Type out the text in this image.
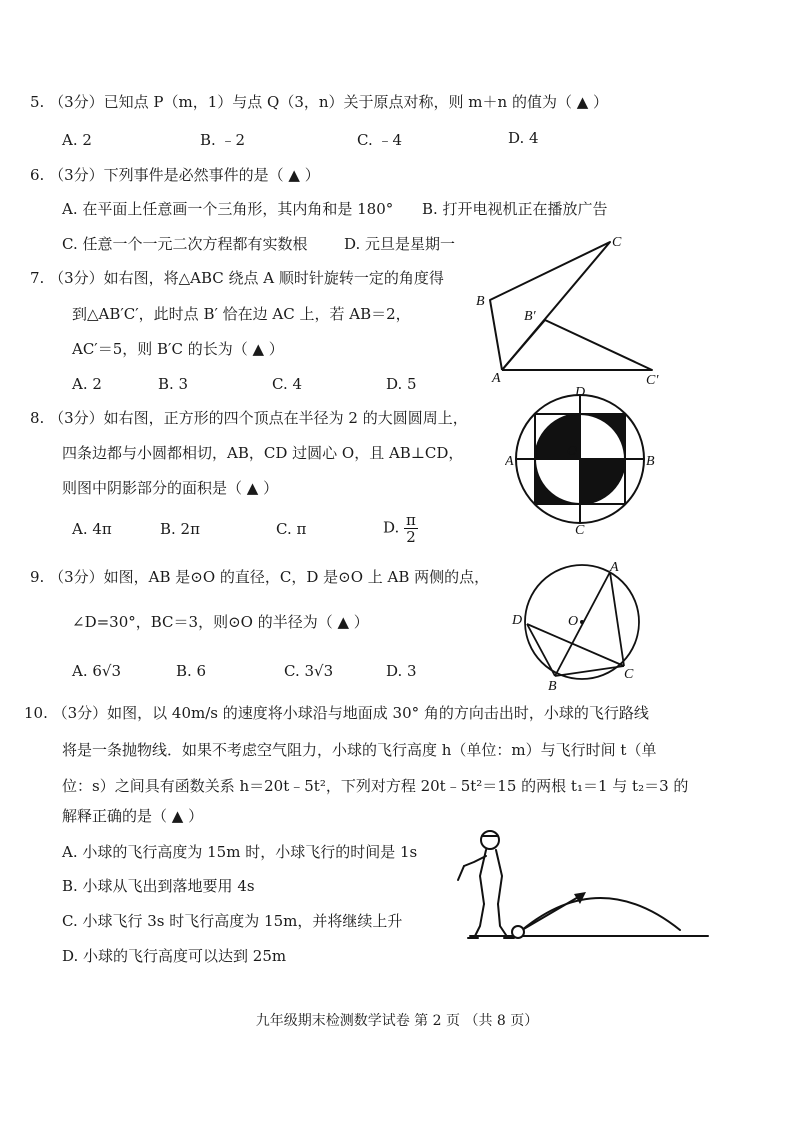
5. （3分）已知点 P（m，1）与点 Q（3，n）关于原点对称，则 m＋n 的值为（ ▲ ）
A. 2	B. ﹣2	C. ﹣4	D. 4
6. （3分）下列事件是必然事件的是（ ▲ ）
A. 在平面上任意画一个三角形，其内角和是 180° B. 打开电视机正在播放广告
C. 任意一个一元二次方程都有实数根 D. 元旦是星期一
7. （3分）如右图，将△ABC 绕点 A 顺时针旋转一定的角度得
到△AB′C′，此时点 B′ 恰在边 AC 上，若 AB＝2，
AC′＝5，则 B′C 的长为（ ▲ ）
A. 2	B. 3	C. 4	D. 5	A
B
C
B′
C′
8. （3分）如右图，正方形的四个顶点在半径为 2 的大圆圆周上，
四条边都与小圆都相切，AB，CD 过圆心 O，且 AB⊥CD，
则图中阴影部分的面积是（ ▲ ）
A. 4π	B. 2π	C. π	D. $\frac{\pi}{2}$
D
A	B
C
O
9. （3分）如图，AB 是⊙O 的直径，C，D 是⊙O 上 AB 两侧的点，
∠D=30°，BC＝3，则⊙O 的半径为（ ▲ ）
A. 6√3	B. 6	C. 3√3	D. 3
A
B
C
D	O
10. （3分）如图，以 40m/s 的速度将小球沿与地面成 30° 角的方向击出时，小球的飞行路线
将是一条抛物线．如果不考虑空气阻力，小球的飞行高度 h（单位：m）与飞行时间 t（单
位：s）之间具有函数关系 h＝20t﹣5t²，下列对方程 20t﹣5t²＝15 的两根 t₁＝1 与 t₂＝3 的
解释正确的是（ ▲ ）
A. 小球的飞行高度为 15m 时，小球飞行的时间是 1s
B. 小球从飞出到落地要用 4s
C. 小球飞行 3s 时飞行高度为 15m，并将继续上升
D. 小球的飞行高度可以达到 25m
九年级期末检测数学试卷 第 2 页 （共 8 页）
